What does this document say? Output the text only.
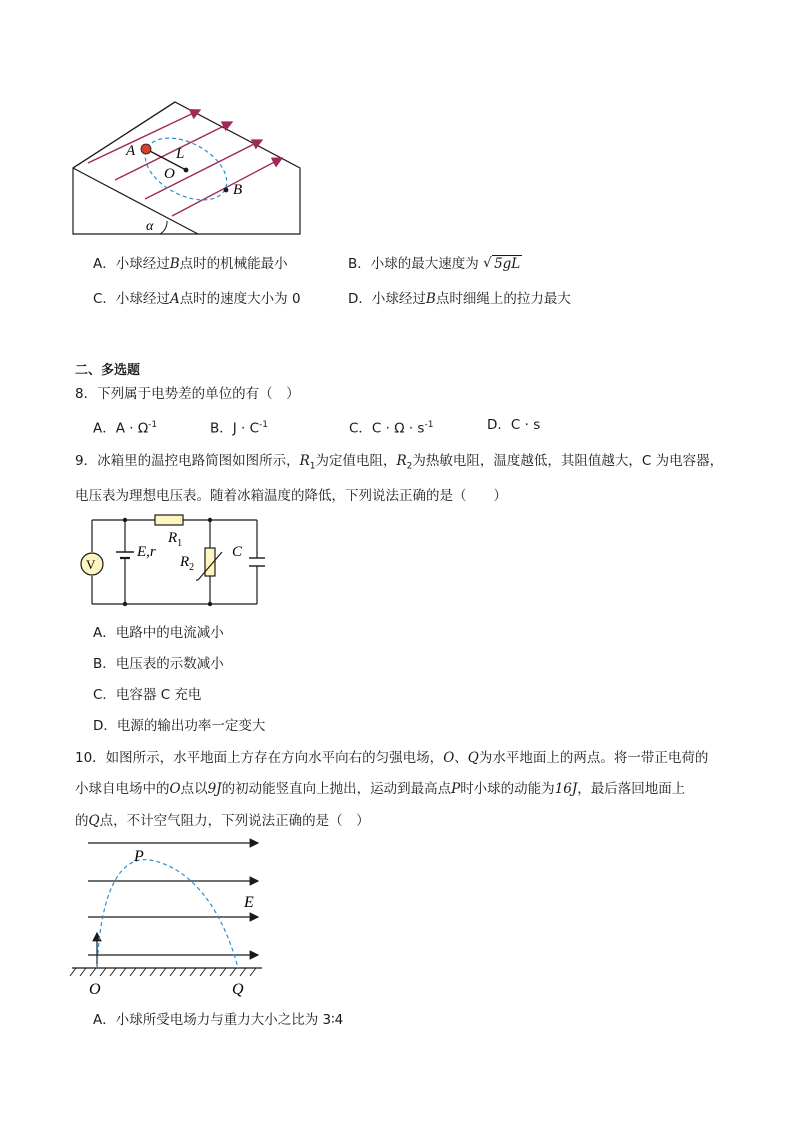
A	L
O
B
α
A．小球经过B点时的机械能最小	B．小球的最大速度为 √ 5gL
C．小球经过A点时的速度大小为 0	D．小球经过B点时细绳上的拉力最大
二、多选题
8．下列属于电势差的单位的有（　）
A．$A \cdot \Omega^{-1}$	B．$J \cdot C^{-1}$	C．$C \cdot \Omega \cdot s^{-1}$	D．C · s
9．冰箱里的温控电路简图如图所示，$R_1$为定值电阻，$R_2$为热敏电阻，温度越低，其阻值越大，C 为电容器，
电压表为理想电压表。随着冰箱温度的降低，下列说法正确的是（　　）
V
E,r
$R_1$
$R_2$
C
A．电路中的电流减小
B．电压表的示数减小
C．电容器 C 充电
D．电源的输出功率一定变大
10．如图所示，水平地面上方存在方向水平向右的匀强电场，O、Q为水平地面上的两点。将一带正电荷的
小球自电场中的O点以9J的初动能竖直向上抛出，运动到最高点P时小球的动能为16J，最后落回地面上
的Q点，不计空气阻力，下列说法正确的是（　）
P
E
O	Q
A．小球所受电场力与重力大小之比为 3∶4
